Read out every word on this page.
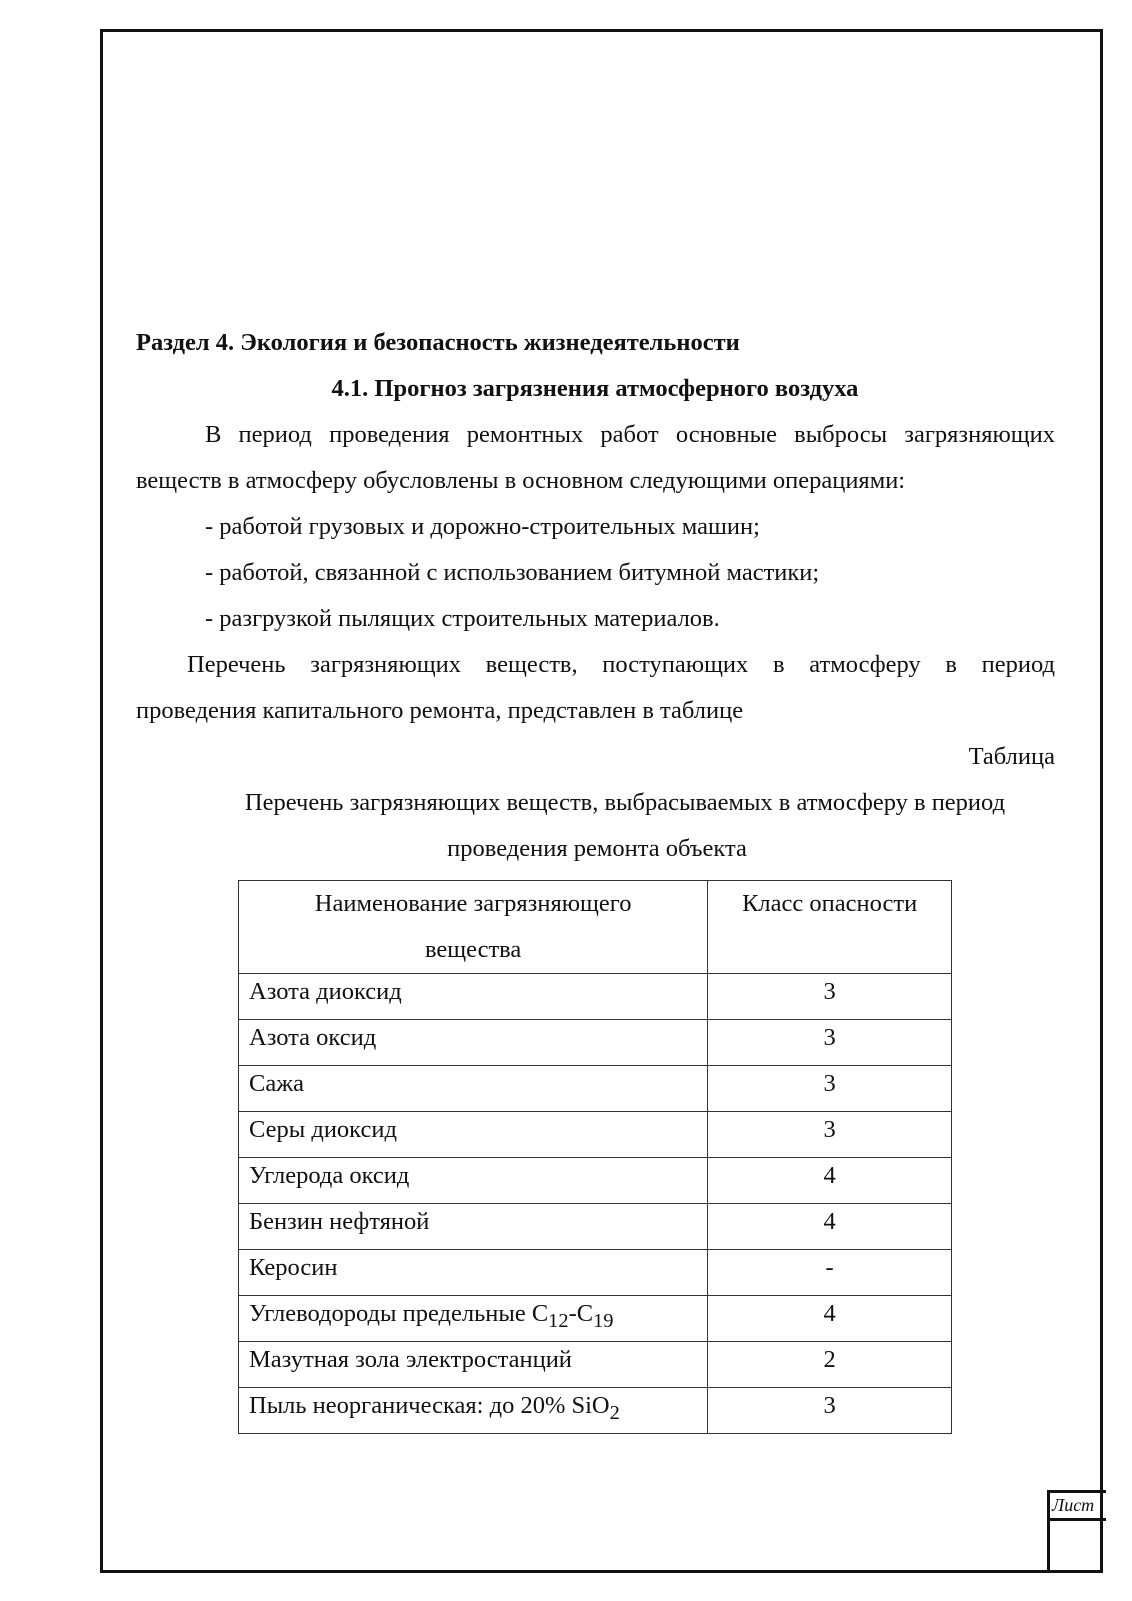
Раздел 4. Экология и безопасность жизнедеятельности
4.1. Прогноз загрязнения атмосферного воздуха
В период проведения ремонтных работ основные выбросы загрязняющих
веществ в атмосферу обусловлены в основном следующими операциями:
- работой грузовых и дорожно-строительных машин;
- работой, связанной с использованием битумной мастики;
- разгрузкой пылящих строительных материалов.
Перечень загрязняющих веществ, поступающих в атмосферу в период
проведения капитального ремонта, представлен в таблице
Таблица
Перечень загрязняющих веществ, выбрасываемых в атмосферу в период
проведения ремонта объекта
Наименование загрязняющего
вещества	Класс опасности
Азота диоксид	3
Азота оксид	3
Сажа	3
Серы диоксид	3
Углерода оксид	4
Бензин нефтяной	4
Керосин	-
Углеводороды предельные $С_{12}-С_{19}$	4
Мазутная зола электростанций	2
Пыль неорганическая: до 20% SiO$_2$	3
Лист
